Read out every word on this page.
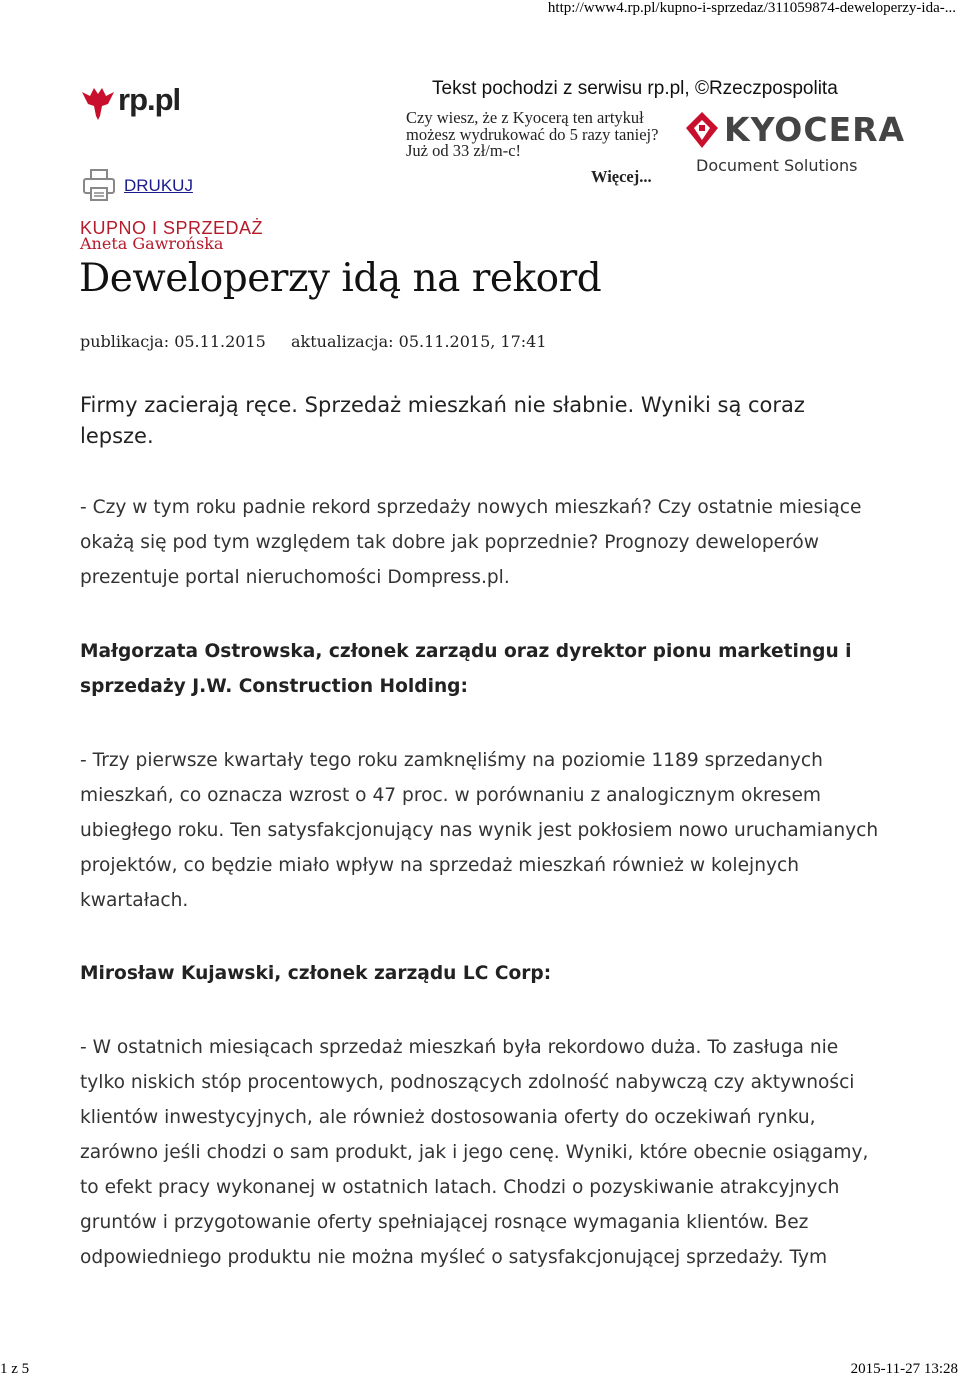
http://www4.rp.pl/kupno-i-sprzedaz/311059874-deweloperzy-ida-...
rp.pl
DRUKUJ
Tekst pochodzi z serwisu rp.pl, ©Rzeczpospolita
Czy wiesz, że z Kyocerą ten artykuł możesz wydrukować do 5 razy taniej? Już od 33 zł/m-c!
Więcej...
KYOCERA
Document Solutions
KUPNO I SPRZEDAŻ
Aneta Gawrońska
Deweloperzy idą na rekord
publikacja: 05.11.2015 aktualizacja: 05.11.2015, 17:41
Firmy zacierają ręce. Sprzedaż mieszkań nie słabnie. Wyniki są coraz lepsze.
- Czy w tym roku padnie rekord sprzedaży nowych mieszkań? Czy ostatnie miesiące okażą się pod tym względem tak dobre jak poprzednie? Prognozy deweloperów prezentuje portal nieruchomości Dompress.pl.
Małgorzata Ostrowska, członek zarządu oraz dyrektor pionu marketingu i sprzedaży J.W. Construction Holding:
- Trzy pierwsze kwartały tego roku zamknęliśmy na poziomie 1189 sprzedanych mieszkań, co oznacza wzrost o 47 proc. w porównaniu z analogicznym okresem ubiegłego roku. Ten satysfakcjonujący nas wynik jest pokłosiem nowo uruchamianych projektów, co będzie miało wpływ na sprzedaż mieszkań również w kolejnych kwartałach.
Mirosław Kujawski, członek zarządu LC Corp:
- W ostatnich miesiącach sprzedaż mieszkań była rekordowo duża. To zasługa nie tylko niskich stóp procentowych, podnoszących zdolność nabywczą czy aktywności klientów inwestycyjnych, ale również dostosowania oferty do oczekiwań rynku, zarówno jeśli chodzi o sam produkt, jak i jego cenę. Wyniki, które obecnie osiągamy, to efekt pracy wykonanej w ostatnich latach. Chodzi o pozyskiwanie atrakcyjnych gruntów i przygotowanie oferty spełniającej rosnące wymagania klientów. Bez odpowiedniego produktu nie można myśleć o satysfakcjonującej sprzedaży. Tym
1 z 5	2015-11-27 13:28
